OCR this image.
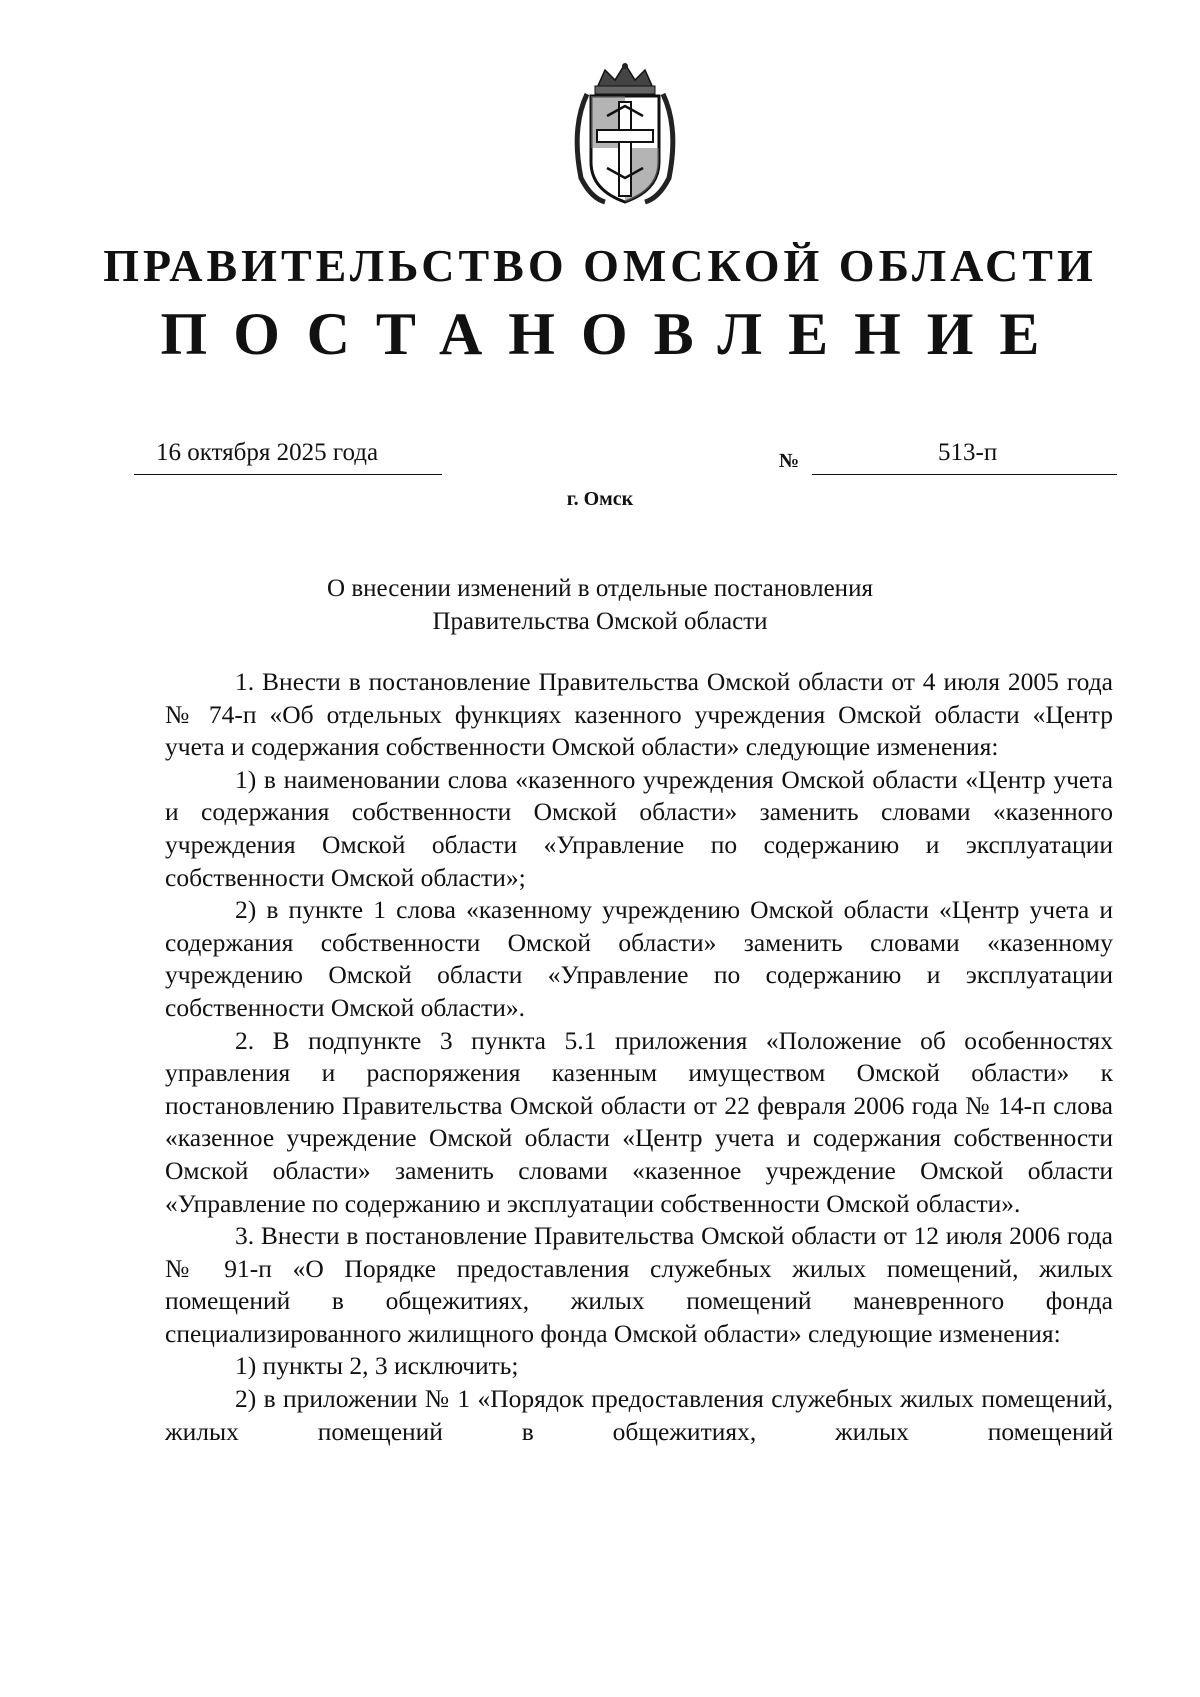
ПРАВИТЕЛЬСТВО ОМСКОЙ ОБЛАСТИ
ПОСТАНОВЛЕНИЕ
16 октября 2025 года	№	513-п
г. Омск
О внесении изменений в отдельные постановления
Правительства Омской области

1. Внести в постановление Правительства Омской области от 4 июля 2005 года № 74-п «Об отдельных функциях казенного учреждения Омской области «Центр учета и содержания собственности Омской области» следующие изменения:

1) в наименовании слова «казенного учреждения Омской области «Центр учета и содержания собственности Омской области» заменить словами «казенного учреждения Омской области «Управление по содержанию и эксплуатации собственности Омской области»;

2) в пункте 1 слова «казенному учреждению Омской области «Центр учета и содержания собственности Омской области» заменить словами «казенному учреждению Омской области «Управление по содержанию и эксплуатации собственности Омской области».

2. В подпункте 3 пункта 5.1 приложения «Положение об особенностях управления и распоряжения казенным имуществом Омской области» к постановлению Правительства Омской области от 22 февраля 2006 года № 14-п слова «казенное учреждение Омской области «Центр учета и содержания собственности Омской области» заменить словами «казенное учреждение Омской области «Управление по содержанию и эксплуатации собственности Омской области».

3. Внести в постановление Правительства Омской области от 12 июля 2006 года № 91-п «О Порядке предоставления служебных жилых помещений, жилых помещений в общежитиях, жилых помещений маневренного фонда специализированного жилищного фонда Омской области» следующие изменения:

1) пункты 2, 3 исключить;

2) в приложении № 1 «Порядок предоставления служебных жилых помещений, жилых помещений в общежитиях, жилых помещений
